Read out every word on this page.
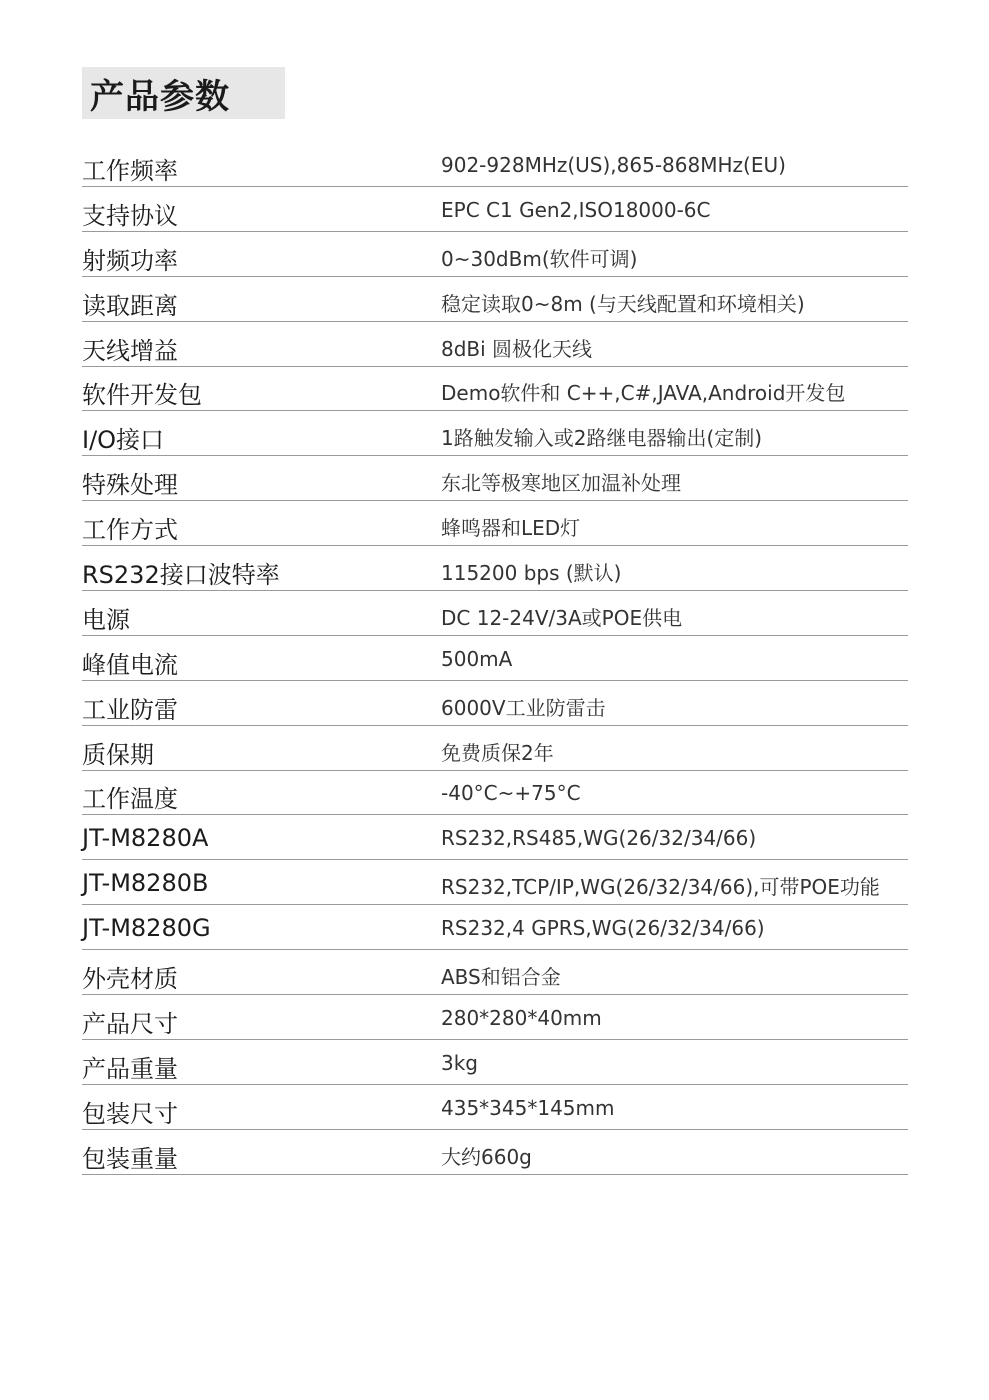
产品参数
工作频率	902-928MHz(US),865-868MHz(EU)
支持协议	EPC C1 Gen2,ISO18000-6C
射频功率	0~30dBm(软件可调)
读取距离	稳定读取0~8m (与天线配置和环境相关)
天线增益	8dBi 圆极化天线
软件开发包	Demo软件和 C++,C#,JAVA,Android开发包
I/O接口	1路触发输入或2路继电器输出(定制)
特殊处理	东北等极寒地区加温补处理
工作方式	蜂鸣器和LED灯
RS232接口波特率	115200 bps (默认)
电源	DC 12-24V/3A或POE供电
峰值电流	500mA
工业防雷	6000V工业防雷击
质保期	免费质保2年
工作温度	-40°C~+75°C
JT-M8280A	RS232,RS485,WG(26/32/34/66)
JT-M8280B	RS232,TCP/IP,WG(26/32/34/66),可带POE功能
JT-M8280G	RS232,4 GPRS,WG(26/32/34/66)
外壳材质	ABS和铝合金
产品尺寸	280*280*40mm
产品重量	3kg
包装尺寸	435*345*145mm
包装重量	大约660g
